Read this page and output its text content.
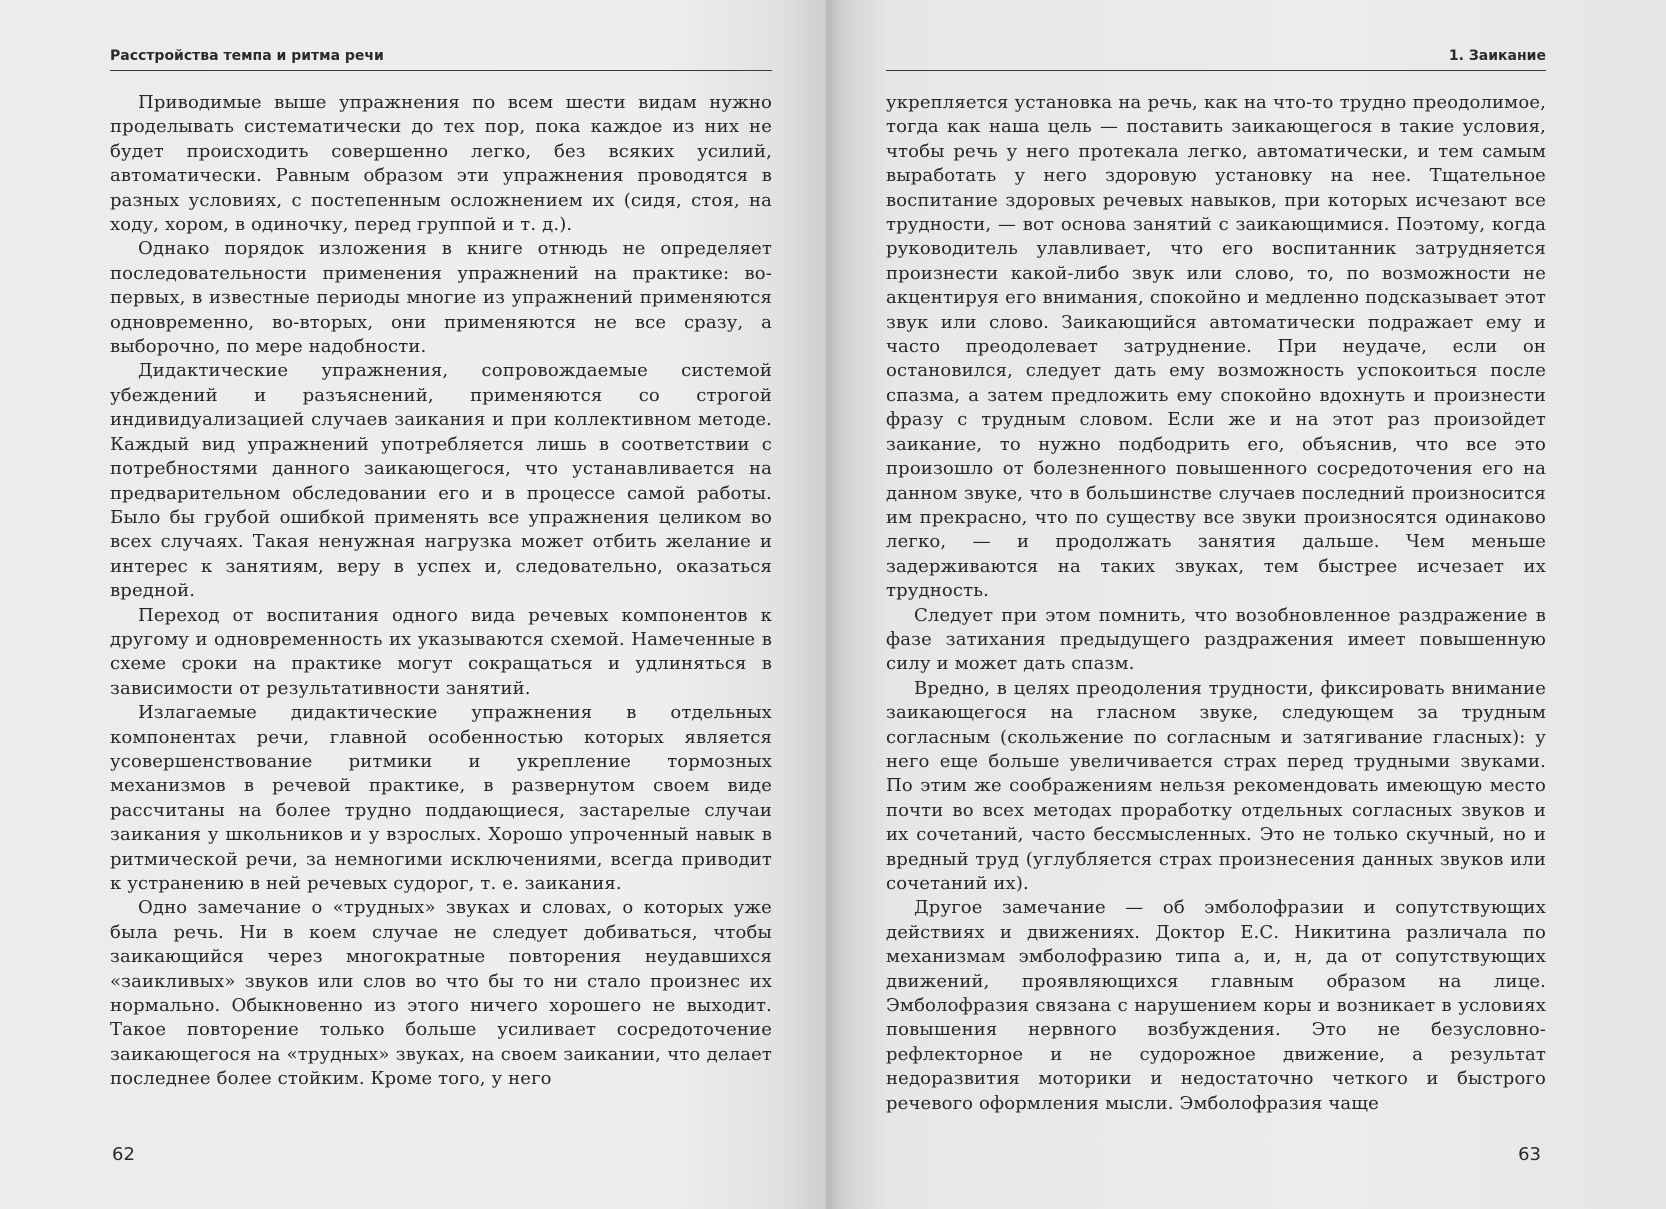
Расстройства темпа и ритма речи

Приводимые выше упражнения по всем шести видам нужно проделывать систематически до тех пор, пока каждое из них не будет происходить совершенно легко, без всяких усилий, автоматически. Равным образом эти упражнения проводятся в разных условиях, с постепенным осложнением их (сидя, стоя, на ходу, хором, в одиночку, перед группой и т. д.).

Однако порядок изложения в книге отнюдь не определяет последовательности применения упражнений на практике: во-первых, в известные периоды многие из упражнений применяются одновременно, во-вторых, они применяются не все сразу, а выборочно, по мере надобности.

Дидактические упражнения, сопровождаемые системой убеждений и разъяснений, применяются со строгой индивидуализацией случаев заикания и при коллективном методе. Каждый вид упражнений употребляется лишь в соответствии с потребностями данного заикающегося, что устанавливается на предварительном обследовании его и в процессе самой работы. Было бы грубой ошибкой применять все упражнения целиком во всех случаях. Такая ненужная нагрузка может отбить желание и интерес к занятиям, веру в успех и, следовательно, оказаться вредной.

Переход от воспитания одного вида речевых компонентов к другому и одновременность их указываются схемой. Намеченные в схеме сроки на практике могут сокращаться и удлиняться в зависимости от результативности занятий.

Излагаемые дидактические упражнения в отдельных компонентах речи, главной особенностью которых является усовершенствование ритмики и укрепление тормозных механизмов в речевой практике, в развернутом своем виде рассчитаны на более трудно поддающиеся, застарелые случаи заикания у школьников и у взрослых. Хорошо упроченный навык в ритмической речи, за немногими исключениями, всегда приводит к устранению в ней речевых судорог, т. е. заикания.

Одно замечание о «трудных» звуках и словах, о которых уже была речь. Ни в коем случае не следует добиваться, чтобы заикающийся через многократные повторения неудавшихся «заикливых» звуков или слов во что бы то ни стало произнес их нормально. Обыкновенно из этого ничего хорошего не выходит. Такое повторение только больше усиливает сосредоточение заикающегося на «трудных» звуках, на своем заикании, что делает последнее более стойким. Кроме того, у него

62
1. Заикание

укрепляется установка на речь, как на что-то трудно преодолимое, тогда как наша цель — поставить заикающегося в такие условия, чтобы речь у него протекала легко, автоматически, и тем самым выработать у него здоровую установку на нее. Тщательное воспитание здоровых речевых навыков, при которых исчезают все трудности, — вот основа занятий с заикающимися. Поэтому, когда руководитель улавливает, что его воспитанник затрудняется произнести какой-либо звук или слово, то, по возможности не акцентируя его внимания, спокойно и медленно подсказывает этот звук или слово. Заикающийся автоматически подражает ему и часто преодолевает затруднение. При неудаче, если он остановился, следует дать ему возможность успокоиться после спазма, а затем предложить ему спокойно вдохнуть и произнести фразу с трудным словом. Если же и на этот раз произойдет заикание, то нужно подбодрить его, объяснив, что все это произошло от болезненного повышенного сосредоточения его на данном звуке, что в большинстве случаев последний произносится им прекрасно, что по существу все звуки произносятся одинаково легко, — и продолжать занятия дальше. Чем меньше задерживаются на таких звуках, тем быстрее исчезает их трудность.

Следует при этом помнить, что возобновленное раздражение в фазе затихания предыдущего раздражения имеет повышенную силу и может дать спазм.

Вредно, в целях преодоления трудности, фиксировать внимание заикающегося на гласном звуке, следующем за трудным согласным (скольжение по согласным и затягивание гласных): у него еще больше увеличивается страх перед трудными звуками. По этим же соображениям нельзя рекомендовать имеющую место почти во всех методах проработку отдельных согласных звуков и их сочетаний, часто бессмысленных. Это не только скучный, но и вредный труд (углубляется страх произнесения данных звуков или сочетаний их).

Другое замечание — об эмболофразии и сопутствующих действиях и движениях. Доктор Е.С. Никитина различала по механизмам эмболофразию типа а, и, н, да от сопутствующих движений, проявляющихся главным образом на лице. Эмболофразия связана с нарушением коры и возникает в условиях повышения нервного возбуждения. Это не безусловно-рефлекторное и не судорожное движение, а результат недоразвития моторики и недостаточно четкого и быстрого речевого оформления мысли. Эмболофразия чаще

63
